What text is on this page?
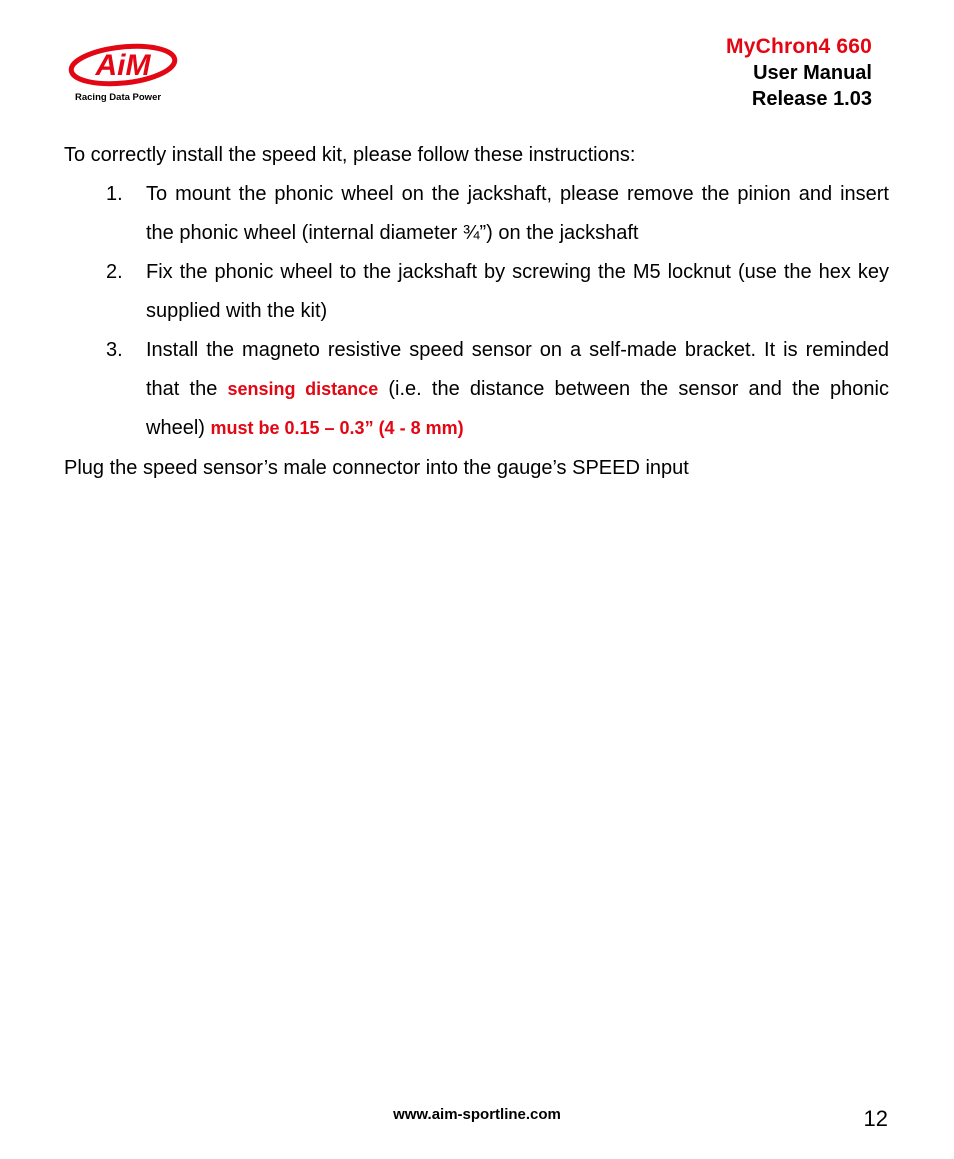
AiM
Racing Data Power
MyChron4 660
User Manual
Release 1.03
To correctly install the speed kit, please follow these instructions:
1. To mount the phonic wheel on the jackshaft, please remove the pinion and insert the phonic wheel (internal diameter ¾”) on the jackshaft
2. Fix the phonic wheel to the jackshaft by screwing the M5 locknut (use the hex key supplied with the kit)
3. Install the magneto resistive speed sensor on a self-made bracket. It is reminded that the sensing distance (i.e. the distance between the sensor and the phonic wheel) must be 0.15 – 0.3” (4 - 8 mm)
Plug the speed sensor’s male connector into the gauge’s SPEED input
www.aim-sportline.com	12
